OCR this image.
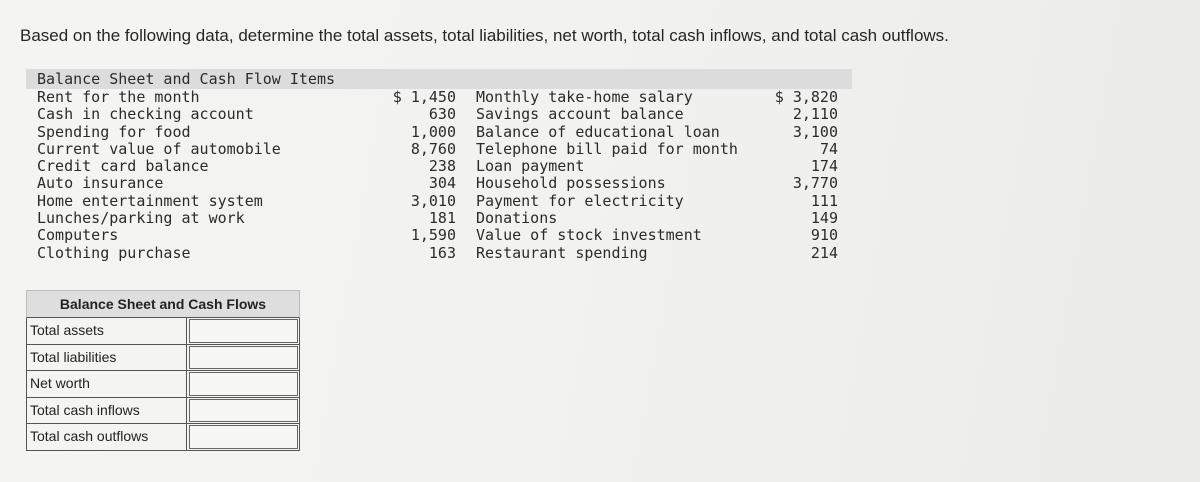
Based on the following data, determine the total assets, total liabilities, net worth, total cash inflows, and total cash outflows.
Balance Sheet and Cash Flow Items
Rent for the month
Cash in checking account
Spending for food
Current value of automobile
Credit card balance
Auto insurance
Home entertainment system
Lunches/parking at work
Computers
Clothing purchase
$ 1,450
630
1,000
8,760
238
304
3,010
181
1,590
163
Monthly take-home salary
Savings account balance
Balance of educational loan
Telephone bill paid for month
Loan payment
Household possessions
Payment for electricity
Donations
Value of stock investment
Restaurant spending
$ 3,820
2,110
3,100
74
174
3,770
111
149
910
214
Balance Sheet and Cash Flows
Total assets
Total liabilities
Net worth
Total cash inflows
Total cash outflows
